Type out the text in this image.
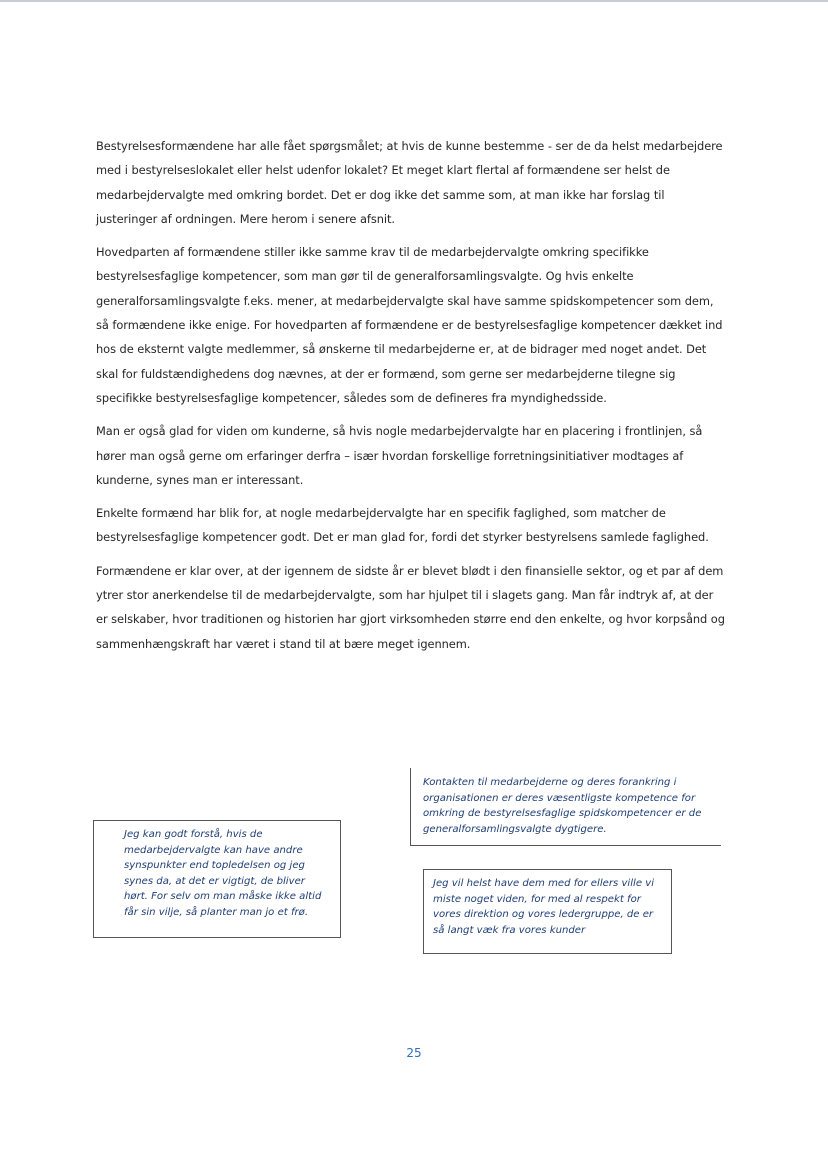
Bestyrelsesformændene har alle fået spørgsmålet; at hvis de kunne bestemme - ser de da helst medarbejdere med i bestyrelseslokalet eller helst udenfor lokalet? Et meget klart flertal af formændene ser helst de medarbejdervalgte med omkring bordet. Det er dog ikke det samme som, at man ikke har forslag til justeringer af ordningen. Mere herom i senere afsnit.

Hovedparten af formændene stiller ikke samme krav til de medarbejdervalgte omkring specifikke bestyrelsesfaglige kompetencer, som man gør til de generalforsamlingsvalgte. Og hvis enkelte generalforsamlingsvalgte f.eks. mener, at medarbejdervalgte skal have samme spidskompetencer som dem, så formændene ikke enige. For hovedparten af formændene er de bestyrelsesfaglige kompetencer dækket ind hos de eksternt valgte medlemmer, så ønskerne til medarbejderne er, at de bidrager med noget andet. Det skal for fuldstændighedens dog nævnes, at der er formænd, som gerne ser medarbejderne tilegne sig specifikke bestyrelsesfaglige kompetencer, således som de defineres fra myndighedsside.

Man er også glad for viden om kunderne, så hvis nogle medarbejdervalgte har en placering i frontlinjen, så hører man også gerne om erfaringer derfra – især hvordan forskellige forretningsinitiativer modtages af kunderne, synes man er interessant.

Enkelte formænd har blik for, at nogle medarbejdervalgte har en specifik faglighed, som matcher de bestyrelsesfaglige kompetencer godt. Det er man glad for, fordi det styrker bestyrelsens samlede faglighed.

Formændene er klar over, at der igennem de sidste år er blevet blødt i den finansielle sektor, og et par af dem ytrer stor anerkendelse til de medarbejdervalgte, som har hjulpet til i slagets gang. Man får indtryk af, at der er selskaber, hvor traditionen og historien har gjort virksomheden større end den enkelte, og hvor korpsånd og sammenhængskraft har været i stand til at bære meget igennem.

Jeg kan godt forstå, hvis de
medarbejdervalgte kan have andre
synspunkter end topledelsen og jeg
synes da, at det er vigtigt, de bliver
hørt. For selv om man måske ikke altid
får sin vilje, så planter man jo et frø.
Kontakten til medarbejderne og deres forankring i
organisationen er deres væsentligste kompetence for
omkring de bestyrelsesfaglige spidskompetencer er de
generalforsamlingsvalgte dygtigere.
Jeg vil helst have dem med for ellers ville vi
miste noget viden, for med al respekt for
vores direktion og vores ledergruppe, de er
så langt væk fra vores kunder
25
